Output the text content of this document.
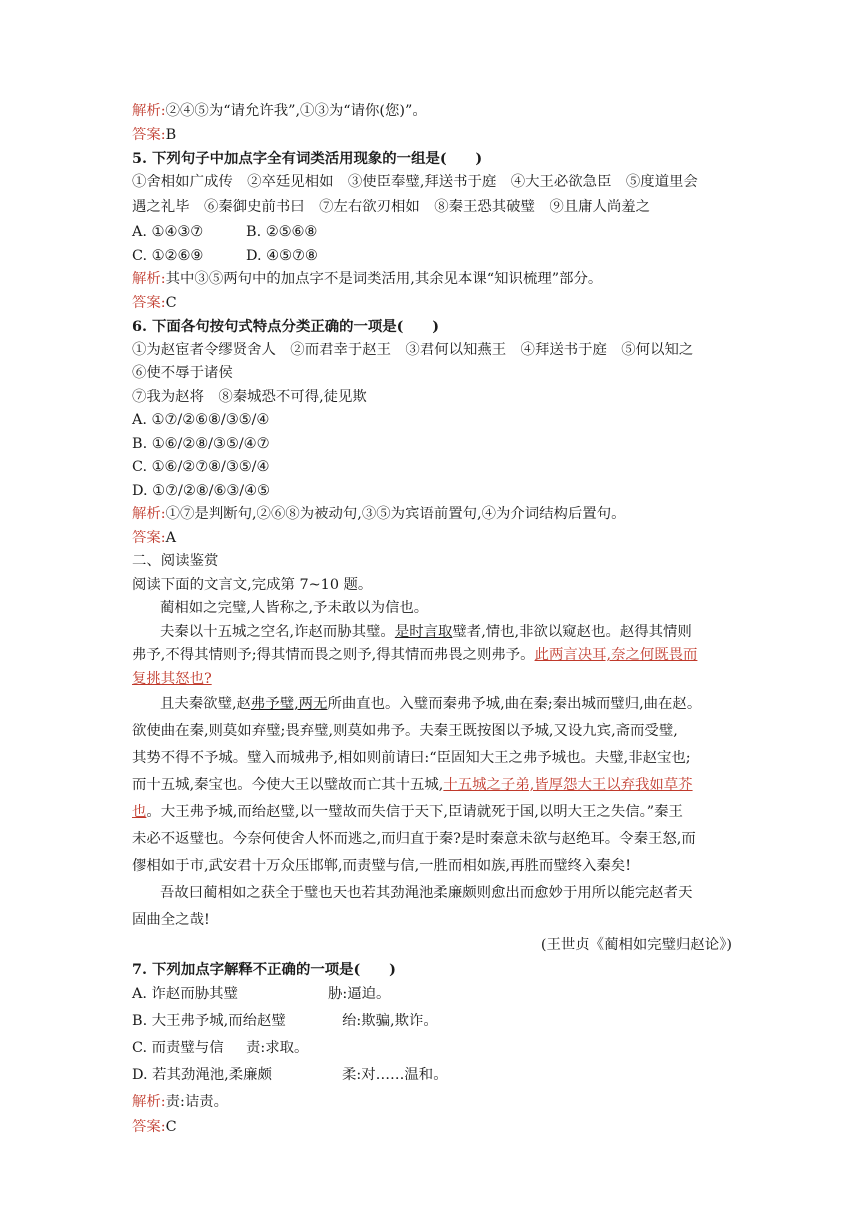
解析:②④⑤为“请允许我”,①③为“请你(您)”。
答案:B
5. 下列句子中加点字全有词类活用现象的一组是(　　)
①舍相如广成传　②卒廷见相如　③使臣奉璧,拜送书于庭　④大王必欲急臣　⑤度道里会
遇之礼毕　⑥秦御史前书曰　⑦左右欲刃相如　⑧秦王恐其破璧　⑨且庸人尚羞之
A. ①④③⑦	B. ②⑤⑥⑧
C. ①②⑥⑨	D. ④⑤⑦⑧
解析:其中③⑤两句中的加点字不是词类活用,其余见本课“知识梳理”部分。
答案:C
6. 下面各句按句式特点分类正确的一项是(　　)
①为赵宦者令缪贤舍人　②而君幸于赵王　③君何以知燕王　④拜送书于庭　⑤何以知之
⑥使不辱于诸侯
⑦我为赵将　⑧秦城恐不可得,徒见欺
A. ①⑦/②⑥⑧/③⑤/④
B. ①⑥/②⑧/③⑤/④⑦
C. ①⑥/②⑦⑧/③⑤/④
D. ①⑦/②⑧/⑥③/④⑤
解析:①⑦是判断句,②⑥⑧为被动句,③⑤为宾语前置句,④为介词结构后置句。
答案:A
二、阅读鉴赏
阅读下面的文言文,完成第 7~10 题。
蔺相如之完璧,人皆称之,予未敢以为信也。
夫秦以十五城之空名,诈赵而胁其璧。是时言取璧者,情也,非欲以窥赵也。赵得其情则
弗予,不得其情则予;得其情而畏之则予,得其情而弗畏之则弗予。此两言决耳,奈之何既畏而
复挑其怒也?
且夫秦欲璧,赵弗予璧,两无所曲直也。入璧而秦弗予城,曲在秦;秦出城而璧归,曲在赵。
欲使曲在秦,则莫如弃璧;畏弃璧,则莫如弗予。夫秦王既按图以予城,又设九宾,斋而受璧,
其势不得不予城。璧入而城弗予,相如则前请曰:“臣固知大王之弗予城也。夫璧,非赵宝也;
而十五城,秦宝也。今使大王以璧故而亡其十五城,十五城之子弟,皆厚怨大王以弃我如草芥
也。大王弗予城,而绐赵璧,以一璧故而失信于天下,臣请就死于国,以明大王之失信。”秦王
未必不返璧也。今奈何使舍人怀而逃之,而归直于秦?是时秦意未欲与赵绝耳。令秦王怒,而
僇相如于市,武安君十万众压邯郸,而责璧与信,一胜而相如族,再胜而璧终入秦矣!
吾故曰蔺相如之获全于璧也天也若其劲渑池柔廉颇则愈出而愈妙于用所以能完赵者天
固曲全之哉!
(王世贞《蔺相如完璧归赵论》)
7. 下列加点字解释不正确的一项是(　　)
A. 诈赵而胁其璧	胁:逼迫。
B. 大王弗予城,而绐赵璧	绐:欺骗,欺诈。
C. 而责璧与信 责:求取。
D. 若其劲渑池,柔廉颇	柔:对……温和。
解析:责:诘责。
答案:C
